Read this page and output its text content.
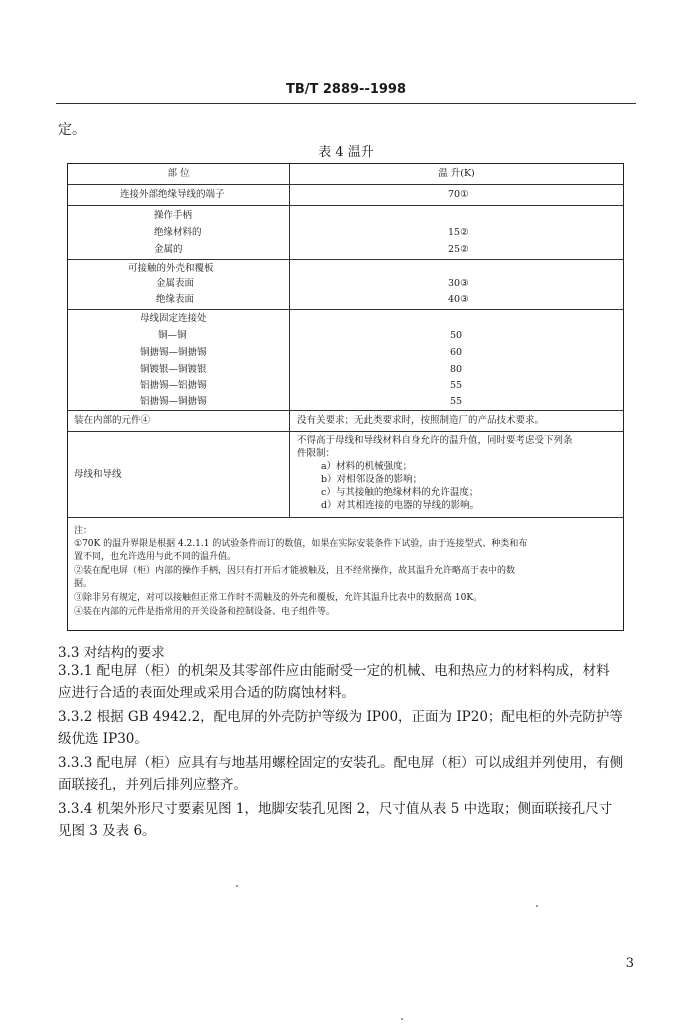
TB/T 2889--1998
定。
表 4 温升
部 位	温 升(K)
连接外部绝缘导线的端子
操作手柄
绝缘材料的
金属的
可接触的外壳和覆板
金属表面
绝缘表面
母线固定连接处
铜—铜
铜搪锡—铜搪锡
铜镀银—铜镀银
铝搪锡—铝搪锡
铝搪锡—铜搪锡
70①
15②
25②
30③
40③
50
60
80
55
55
装在内部的元件④	没有关要求；无此类要求时，按照制造厂的产品技术要求。
母线和导线
不得高于母线和导线材料自身允许的温升值，同时要考虑受下列条
件限制：
a）材料的机械强度；
b）对相邻设备的影响；
c）与其接触的绝缘材料的允许温度；
d）对其相连接的电器的导线的影响。
注：
①70K 的温升界限是根据 4.2.1.1 的试验条件而订的数值，如果在实际安装条件下试验，由于连接型式、种类和布
置不同，也允许选用与此不同的温升值。
②装在配电屏（柜）内部的操作手柄，因只有打开后才能被触及，且不经常操作，故其温升允许略高于表中的数
据。
③除非另有规定，对可以接触但正常工作时不需触及的外壳和覆板，允许其温升比表中的数据高 10K。
④装在内部的元件是指常用的开关设备和控制设备、电子组件等。
3.3 对结构的要求
3.3.1 配电屏（柜）的机架及其零部件应由能耐受一定的机械、电和热应力的材料构成，材料
应进行合适的表面处理或采用合适的防腐蚀材料。
3.3.2 根据 GB 4942.2，配电屏的外壳防护等级为 IP00，正面为 IP20；配电柜的外壳防护等
级优选 IP30。
3.3.3 配电屏（柜）应具有与地基用螺栓固定的安装孔。配电屏（柜）可以成组并列使用，有侧
面联接孔，并列后排列应整齐。
3.3.4 机架外形尺寸要素见图 1，地脚安装孔见图 2，尺寸值从表 5 中选取；侧面联接孔尺寸
见图 3 及表 6。
3
